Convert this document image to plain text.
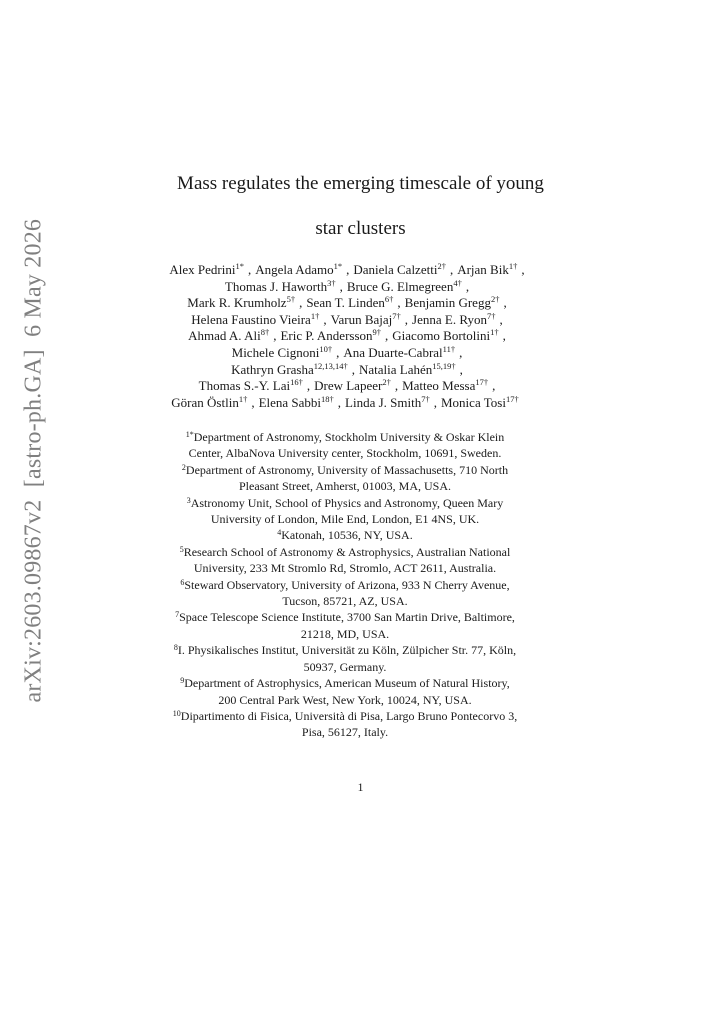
arXiv:2603.09867v2  [astro-ph.GA]  6 May 2026
Mass regulates the emerging timescale of young
star clusters
Alex Pedrini$^{1*}$ , Angela Adamo$^{1*}$ , Daniela Calzetti$^{2\dagger}$ , Arjan Bik$^{1\dagger}$ ,
Thomas J. Haworth$^{3\dagger}$ , Bruce G. Elmegreen$^{4\dagger}$ ,
Mark R. Krumholz$^{5\dagger}$ , Sean T. Linden$^{6\dagger}$ , Benjamin Gregg$^{2\dagger}$ ,
Helena Faustino Vieira$^{1\dagger}$ , Varun Bajaj$^{7\dagger}$ , Jenna E. Ryon$^{7\dagger}$ ,
Ahmad A. Ali$^{8\dagger}$ , Eric P. Andersson$^{9\dagger}$ , Giacomo Bortolini$^{1\dagger}$ ,
Michele Cignoni$^{10\dagger}$ , Ana Duarte-Cabral$^{11\dagger}$ ,
Kathryn Grasha$^{12,13,14\dagger}$ , Natalia Lahén$^{15,19\dagger}$ ,
Thomas S.-Y. Lai$^{16\dagger}$ , Drew Lapeer$^{2\dagger}$ , Matteo Messa$^{17\dagger}$ ,
Göran Östlin$^{1\dagger}$ , Elena Sabbi$^{18\dagger}$ , Linda J. Smith$^{7\dagger}$ , Monica Tosi$^{17\dagger}$
$^{1*}$Department of Astronomy, Stockholm University & Oskar Klein
Center, AlbaNova University center, Stockholm, 10691, Sweden.
$^2$Department of Astronomy, University of Massachusetts, 710 North
Pleasant Street, Amherst, 01003, MA, USA.
$^3$Astronomy Unit, School of Physics and Astronomy, Queen Mary
University of London, Mile End, London, E1 4NS, UK.
$^4$Katonah, 10536, NY, USA.
$^5$Research School of Astronomy & Astrophysics, Australian National
University, 233 Mt Stromlo Rd, Stromlo, ACT 2611, Australia.
$^6$Steward Observatory, University of Arizona, 933 N Cherry Avenue,
Tucson, 85721, AZ, USA.
$^7$Space Telescope Science Institute, 3700 San Martin Drive, Baltimore,
21218, MD, USA.
$^8$I. Physikalisches Institut, Universität zu Köln, Zülpicher Str. 77, Köln,
50937, Germany.
$^9$Department of Astrophysics, American Museum of Natural History,
200 Central Park West, New York, 10024, NY, USA.
$^{10}$Dipartimento di Fisica, Università di Pisa, Largo Bruno Pontecorvo 3,
Pisa, 56127, Italy.
1
